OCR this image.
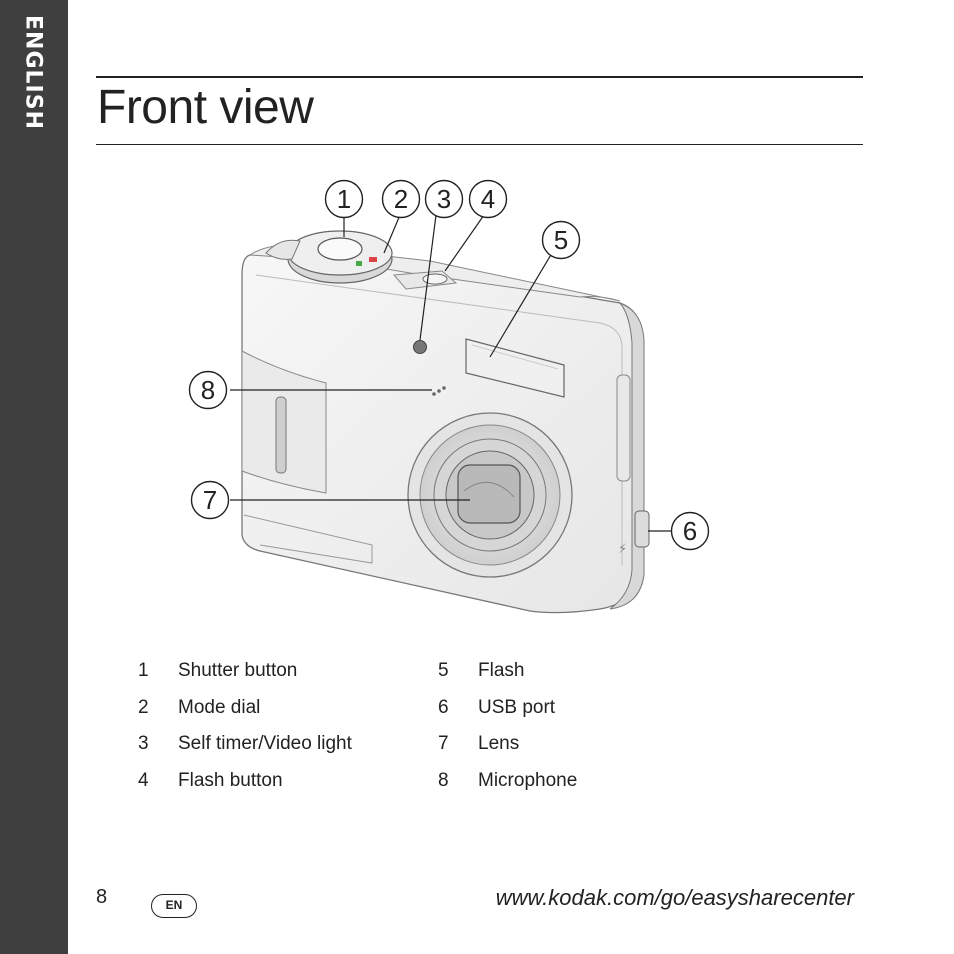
ENGLISH Front view
⚡
1 2 3 4
5
6
7
8
1	Shutter button
2	Mode dial
3	Self timer/Video light
4	Flash button
5	Flash
6	USB port
7	Lens
8	Microphone
8	EN	www.kodak.com/go/easysharecenter
